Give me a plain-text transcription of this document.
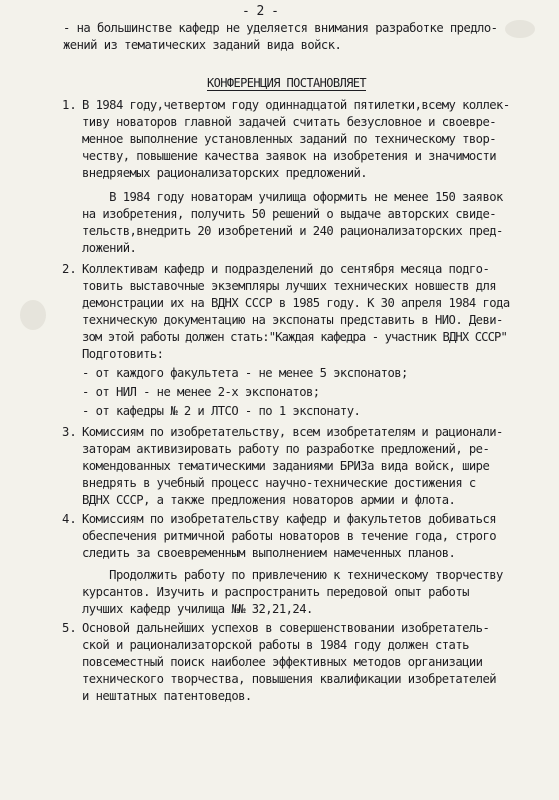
- 2 -
- на большинстве кафедр не уделяется внимания разработке предло-
жений из тематических заданий вида войск.
КОНФЕРЕНЦИЯ ПОСТАНОВЛЯЕТ
1. В 1984 году,четвертом году одиннадцатой пятилетки,всему коллек-
тиву новаторов главной задачей считать безусловное и своевре-
менное выполнение установленных заданий по техническому твор-
честву, повышение качества заявок на изобретения и значимости
внедряемых рационализаторских предложений.
В 1984 году новаторам училища оформить не менее 150 заявок
на изобретения, получить 50 решений о выдаче авторских свиде-
тельств,внедрить 20 изобретений и 240 рационализаторских пред-
ложений.
2. Коллективам кафедр и подразделений до сентября месяца подго-
товить выставочные экземпляры лучших технических новшеств для
демонстрации их на ВДНХ СССР в 1985 году. К 30 апреля 1984 года
техническую документацию на экспонаты представить в НИО. Деви-
зом этой работы должен стать:"Каждая кафедра - участник ВДНХ СССР"
Подготовить:
- от каждого факультета - не менее 5 экспонатов;
- от НИЛ - не менее 2-х экспонатов;
- от кафедры № 2 и ЛТСО - по 1 экспонату.
3. Комиссиям по изобретательству, всем изобретателям и рационали-
заторам активизировать работу по разработке предложений, ре-
комендованных тематическими заданиями БРИЗа вида войск, шире
внедрять в учебный процесс научно-технические достижения с
ВДНХ СССР, а также предложения новаторов армии и флота.
4. Комиссиям по изобретательству кафедр и факультетов добиваться
обеспечения ритмичной работы новаторов в течение года, строго
следить за своевременным выполнением намеченных планов.
Продолжить работу по привлечению к техническому творчеству
курсантов. Изучить и распространить передовой опыт работы
лучших кафедр училища №№ 32,21,24.
5. Основой дальнейших успехов в совершенствовании изобретатель-
ской и рационализаторской работы в 1984 году должен стать
повсеместный поиск наиболее эффективных методов организации
технического творчества, повышения квалификации изобретателей
и нештатных патентоведов.
